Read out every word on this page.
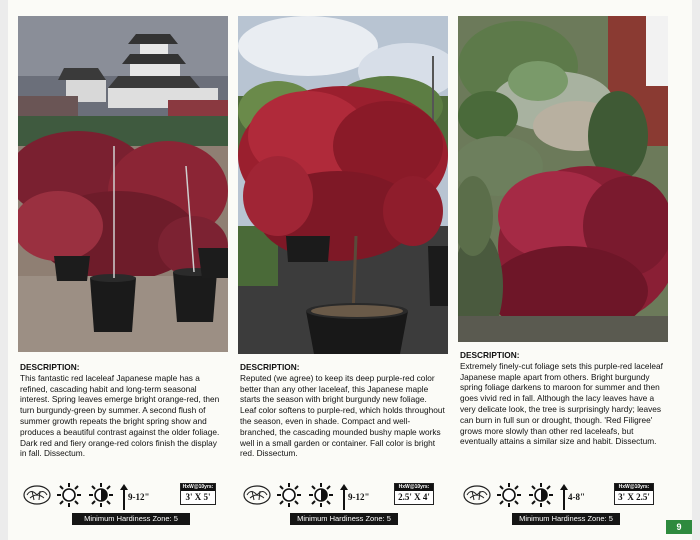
DESCRIPTION:
This fantastic red laceleaf Japanese maple has a refined, cascading habit and long-term seasonal interest. Spring leaves emerge bright orange-red, then turn burgundy-green by summer. A second flush of summer growth repeats the bright spring show and produces a beautiful contrast against the older foliage. Dark red and fiery orange-red colors finish the display in fall. Dissectum.
9-12"
HxW@10yrs:
3' X 5'
Minimum Hardiness Zone: 5
DESCRIPTION:
Reputed (we agree) to keep its deep purple-red color better than any other laceleaf, this Japanese maple starts the season with bright burgundy new foliage. Leaf color softens to purple-red, which holds throughout the season, even in shade. Compact and well-branched, the cascading mounded bushy maple works well in a small garden or container. Fall color is bright red. Dissectum.
9-12"
HxW@10yrs:
2.5' X 4'
Minimum Hardiness Zone: 5
DESCRIPTION:
Extremely finely-cut foliage sets this purple-red laceleaf Japanese maple apart from others. Bright burgundy spring foliage darkens to maroon for summer and then goes vivid red in fall. Although the lacy leaves have a very delicate look, the tree is surprisingly hardy; leaves can burn in full sun or drought, though. 'Red Filigree' grows more slowly than other red laceleafs, but eventually attains a similar size and habit. Dissectum.
4-8"
HxW@10yrs:
3' X 2.5'
Minimum Hardiness Zone: 5
9
